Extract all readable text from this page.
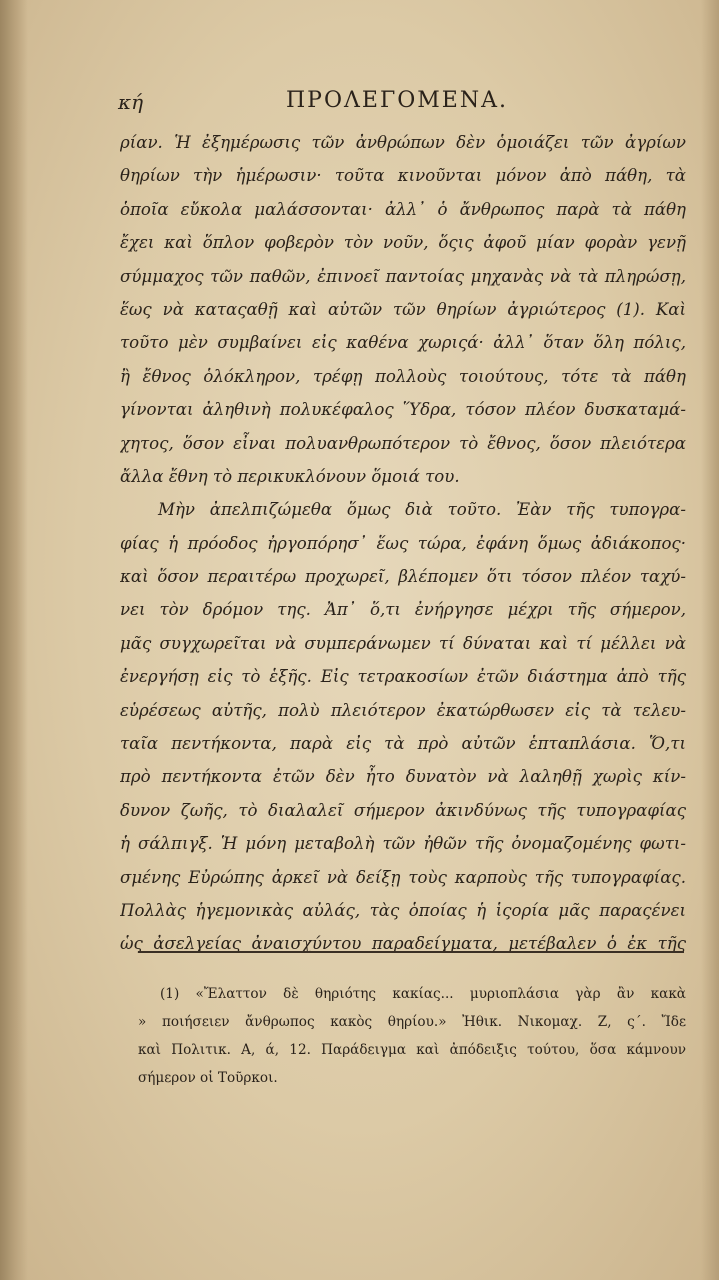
κή	ΠΡΟΛΕΓΟΜΕΝΑ.
ρίαν. Ἡ ἐξημέρωσις τῶν ἀνθρώπων δὲν ὁμοιάζει τῶν ἀγρίων
θηρίων τὴν ἡμέρωσιν· τοῦτα κινοῦνται μόνον ἀπὸ πάθη, τὰ
ὁποῖα εὔκολα μαλάσσονται· ἀλλ᾽ ὁ ἄνθρωπος παρὰ τὰ πάθη
ἔχει καὶ ὅπλον φοβερὸν τὸν νοῦν, ὅςις ἀφοῦ μίαν φορὰν γενῇ
σύμμαχος τῶν παθῶν, ἐπινοεῖ παντοίας μηχανὰς νὰ τὰ πληρώσῃ,
ἕως νὰ καταςαθῇ καὶ αὐτῶν τῶν θηρίων ἀγριώτερος (1). Καὶ
τοῦτο μὲν συμβαίνει εἰς καθένα χωριςά· ἀλλ᾽ ὅταν ὅλη πόλις,
ἢ ἔθνος ὁλόκληρον, τρέφῃ πολλοὺς τοιούτους, τότε τὰ πάθη
γίνονται ἀληθινὴ πολυκέφαλος Ὕδρα, τόσον πλέον δυσκαταμά-
χητος, ὅσον εἶναι πολυανθρωπότερον τὸ ἔθνος, ὅσον πλειότερα
ἄλλα ἔθνη τὸ περικυκλόνουν ὅμοιά του.
Μὴν ἀπελπιζώμεθα ὅμως διὰ τοῦτο. Ἐὰν τῆς τυπογρα-
φίας ἡ πρόοδος ἠργοπόρησ᾽ ἕως τώρα, ἐφάνη ὅμως ἀδιάκοπος·
καὶ ὅσον περαιτέρω προχωρεῖ, βλέπομεν ὅτι τόσον πλέον ταχύ-
νει τὸν δρόμον της. Ἀπ᾽ ὅ,τι ἐνήργησε μέχρι τῆς σήμερον,
μᾶς συγχωρεῖται νὰ συμπεράνωμεν τί δύναται καὶ τί μέλλει νὰ
ἐνεργήσῃ εἰς τὸ ἑξῆς. Εἰς τετρακοσίων ἐτῶν διάστημα ἀπὸ τῆς
εὑρέσεως αὐτῆς, πολὺ πλειότερον ἐκατώρθωσεν εἰς τὰ τελευ-
ταῖα πεντήκοντα, παρὰ εἰς τὰ πρὸ αὐτῶν ἑπταπλάσια. Ὅ,τι
πρὸ πεντήκοντα ἐτῶν δὲν ἦτο δυνατὸν νὰ λαληθῇ χωρὶς κίν-
δυνον ζωῆς, τὸ διαλαλεῖ σήμερον ἀκινδύνως τῆς τυπογραφίας
ἡ σάλπιγξ. Ἡ μόνη μεταβολὴ τῶν ἠθῶν τῆς ὀνομαζομένης φωτι-
σμένης Εὐρώπης ἀρκεῖ νὰ δείξῃ τοὺς καρποὺς τῆς τυπογραφίας.
Πολλὰς ἡγεμονικὰς αὐλάς, τὰς ὁποίας ἡ ἱςορία μᾶς παραςένει
ὡς ἀσελγείας ἀναισχύντου παραδείγματα, μετέβαλεν ὁ ἐκ τῆς
(1) «Ἔλαττον δὲ θηριότης κακίας... μυριοπλάσια γὰρ ἂν κακὰ
» ποιήσειεν ἄνθρωπος κακὸς θηρίου.» Ἠθικ. Νικομαχ. Ζ, ς΄. Ἴδε
καὶ Πολιτικ. Α, ά, 12. Παράδειγμα καὶ ἀπόδειξις τούτου, ὅσα κάμνουν
σήμερον οἱ Τοῦρκοι.
